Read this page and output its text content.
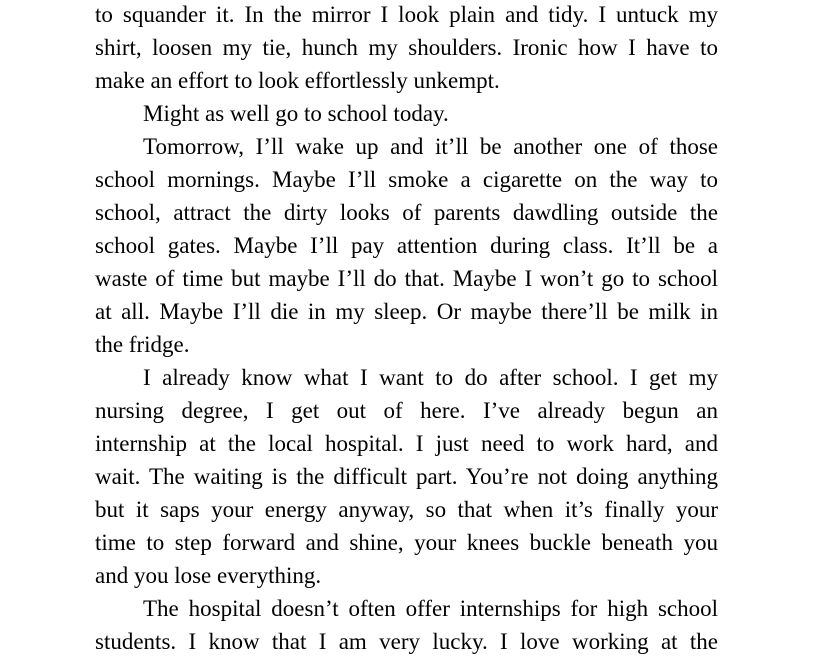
to squander it. In the mirror I look plain and tidy. I untuck my
shirt, loosen my tie, hunch my shoulders. Ironic how I have to
make an effort to look effortlessly unkempt.
Might as well go to school today.
Tomorrow, I’ll wake up and it’ll be another one of those
school mornings. Maybe I’ll smoke a cigarette on the way to
school, attract the dirty looks of parents dawdling outside the
school gates. Maybe I’ll pay attention during class. It’ll be a
waste of time but maybe I’ll do that. Maybe I won’t go to school
at all. Maybe I’ll die in my sleep. Or maybe there’ll be milk in
the fridge.
I already know what I want to do after school. I get my
nursing degree, I get out of here. I’ve already begun an
internship at the local hospital. I just need to work hard, and
wait. The waiting is the difficult part. You’re not doing anything
but it saps your energy anyway, so that when it’s finally your
time to step forward and shine, your knees buckle beneath you
and you lose everything.
The hospital doesn’t often offer internships for high school
students. I know that I am very lucky. I love working at the
